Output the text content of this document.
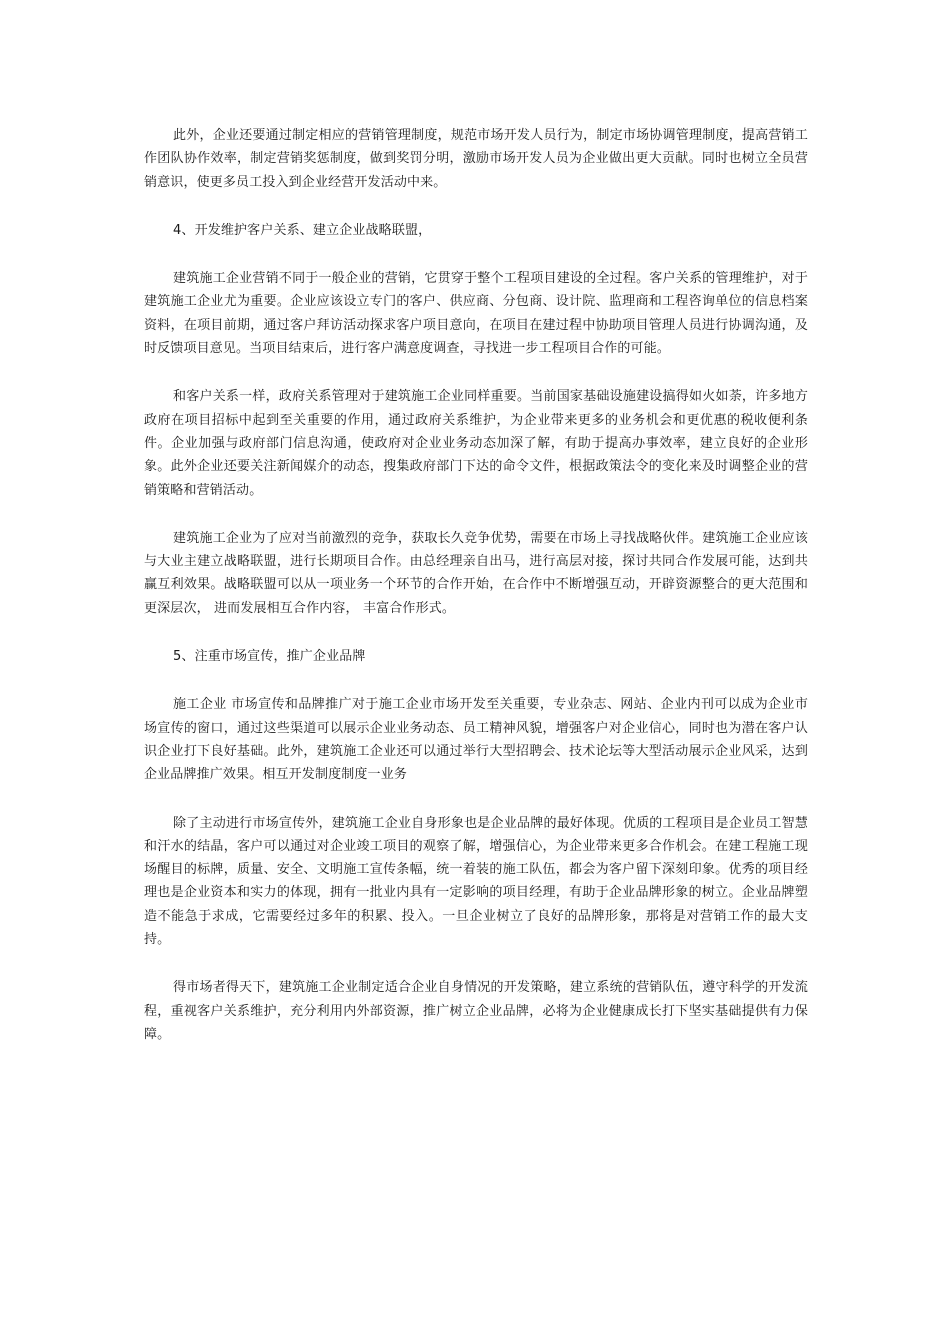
此外，企业还要通过制定相应的营销管理制度，规范市场开发人员行为，制定市场协调管理制度，提高营销工作团队协作效率，制定营销奖惩制度，做到奖罚分明，激励市场开发人员为企业做出更大贡献。同时也树立全员营销意识，使更多员工投入到企业经营开发活动中来。

4、开发维护客户关系、建立企业战略联盟，

建筑施工企业营销不同于一般企业的营销，它贯穿于整个工程项目建设的全过程。客户关系的管理维护，对于建筑施工企业尤为重要。企业应该设立专门的客户、供应商、分包商、设计院、监理商和工程咨询单位的信息档案资料，在项目前期，通过客户拜访活动探求客户项目意向，在项目在建过程中协助项目管理人员进行协调沟通，及时反馈项目意见。当项目结束后，进行客户满意度调查，寻找进一步工程项目合作的可能。

和客户关系一样，政府关系管理对于建筑施工企业同样重要。当前国家基础设施建设搞得如火如荼，许多地方政府在项目招标中起到至关重要的作用，通过政府关系维护，为企业带来更多的业务机会和更优惠的税收便利条件。企业加强与政府部门信息沟通，使政府对企业业务动态加深了解，有助于提高办事效率，建立良好的企业形象。此外企业还要关注新闻媒介的动态，搜集政府部门下达的命令文件，根据政策法令的变化来及时调整企业的营销策略和营销活动。

建筑施工企业为了应对当前激烈的竞争，获取长久竞争优势，需要在市场上寻找战略伙伴。建筑施工企业应该与大业主建立战略联盟，进行长期项目合作。由总经理亲自出马，进行高层对接，探讨共同合作发展可能，达到共赢互利效果。战略联盟可以从一项业务一个环节的合作开始，在合作中不断增强互动，开辟资源整合的更大范围和更深层次， 进而发展相互合作内容， 丰富合作形式。

5、注重市场宣传，推广企业品牌

施工企业 市场宣传和品牌推广对于施工企业市场开发至关重要，专业杂志、网站、企业内刊可以成为企业市场宣传的窗口，通过这些渠道可以展示企业业务动态、员工精神风貌，增强客户对企业信心，同时也为潜在客户认识企业打下良好基础。此外，建筑施工企业还可以通过举行大型招聘会、技术论坛等大型活动展示企业风采，达到企业品牌推广效果。相互开发制度制度一业务

除了主动进行市场宣传外，建筑施工企业自身形象也是企业品牌的最好体现。优质的工程项目是企业员工智慧和汗水的结晶，客户可以通过对企业竣工项目的观察了解，增强信心，为企业带来更多合作机会。在建工程施工现场醒目的标牌，质量、安全、文明施工宣传条幅，统一着装的施工队伍，都会为客户留下深刻印象。优秀的项目经理也是企业资本和实力的体现，拥有一批业内具有一定影响的项目经理，有助于企业品牌形象的树立。企业品牌塑造不能急于求成，它需要经过多年的积累、投入。一旦企业树立了良好的品牌形象，那将是对营销工作的最大支持。

得市场者得天下，建筑施工企业制定适合企业自身情况的开发策略，建立系统的营销队伍，遵守科学的开发流程，重视客户关系维护，充分利用内外部资源，推广树立企业品牌，必将为企业健康成长打下坚实基础提供有力保障。
